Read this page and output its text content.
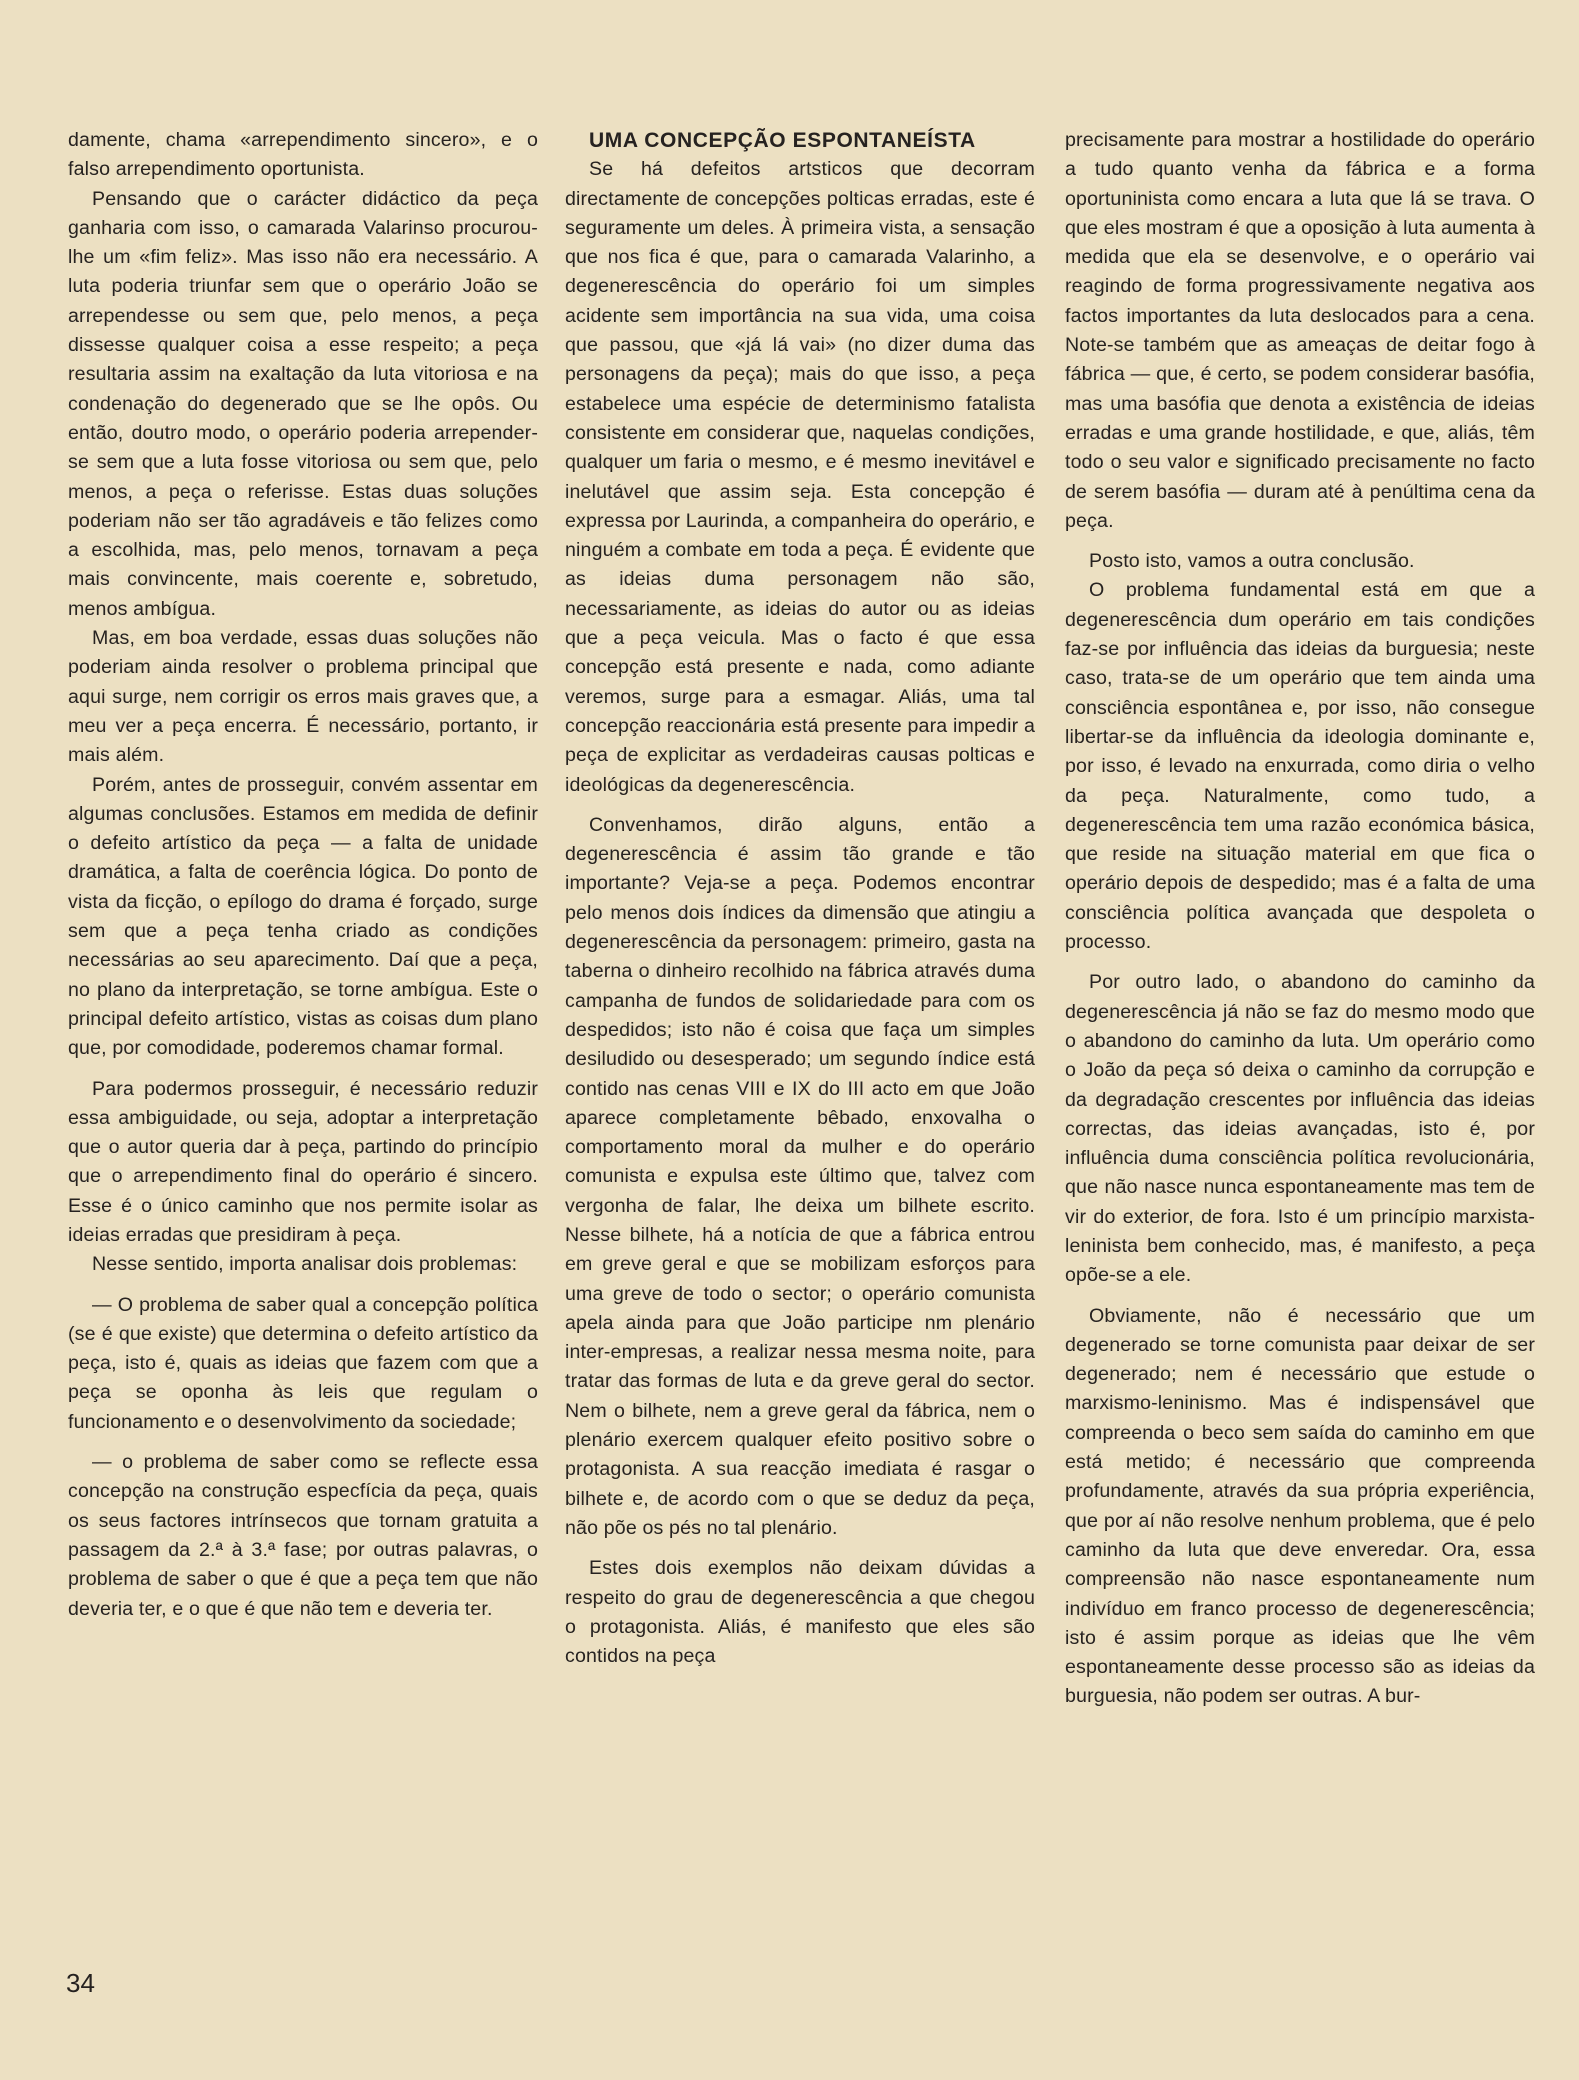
damente, chama «arrependimento sincero», e o falso arrependimento oportunista.

Pensando que o carácter didáctico da peça ganharia com isso, o camarada Valarinso procurou-lhe um «fim feliz». Mas isso não era necessário. A luta poderia triunfar sem que o operário João se arrependesse ou sem que, pelo menos, a peça dissesse qualquer coisa a esse respeito; a peça resultaria assim na exaltação da luta vitoriosa e na condenação do degenerado que se lhe opôs. Ou então, doutro modo, o operário poderia arrepender-se sem que a luta fosse vitoriosa ou sem que, pelo menos, a peça o referisse. Estas duas soluções poderiam não ser tão agradáveis e tão felizes como a escolhida, mas, pelo menos, tornavam a peça mais convincente, mais coerente e, sobretudo, menos ambígua.

Mas, em boa verdade, essas duas soluções não poderiam ainda resolver o problema principal que aqui surge, nem corrigir os erros mais graves que, a meu ver a peça encerra. É necessário, portanto, ir mais além.

Porém, antes de prosseguir, convém assentar em algumas conclusões. Estamos em medida de definir o defeito artístico da peça — a falta de unidade dramática, a falta de coerência lógica. Do ponto de vista da ficção, o epílogo do drama é forçado, surge sem que a peça tenha criado as condições necessárias ao seu aparecimento. Daí que a peça, no plano da interpretação, se torne ambígua. Este o principal defeito artístico, vistas as coisas dum plano que, por comodidade, poderemos chamar formal.

Para podermos prosseguir, é necessário reduzir essa ambiguidade, ou seja, adoptar a interpretação que o autor queria dar à peça, partindo do princípio que o arrependimento final do operário é sincero. Esse é o único caminho que nos permite isolar as ideias erradas que presidiram à peça.

Nesse sentido, importa analisar dois problemas:

— O problema de saber qual a concepção política (se é que existe) que determina o defeito artístico da peça, isto é, quais as ideias que fazem com que a peça se oponha às leis que regulam o funcionamento e o desenvolvimento da sociedade;

— o problema de saber como se reflecte essa concepção na construção especfícia da peça, quais os seus factores intrínsecos que tornam gratuita a passagem da 2.ª à 3.ª fase; por outras palavras, o problema de saber o que é que a peça tem que não deveria ter, e o que é que não tem e deveria ter.

UMA CONCEPÇÃO ESPONTANEÍSTA

Se há defeitos artsticos que decorram directamente de concepções polticas erradas, este é seguramente um deles. À primeira vista, a sensação que nos fica é que, para o camarada Valarinho, a degenerescência do operário foi um simples acidente sem importância na sua vida, uma coisa que passou, que «já lá vai» (no dizer duma das personagens da peça); mais do que isso, a peça estabelece uma espécie de determinismo fatalista consistente em considerar que, naquelas condições, qualquer um faria o mesmo, e é mesmo inevitável e inelutável que assim seja. Esta concepção é expressa por Laurinda, a companheira do operário, e ninguém a combate em toda a peça. É evidente que as ideias duma personagem não são, necessariamente, as ideias do autor ou as ideias que a peça veicula. Mas o facto é que essa concepção está presente e nada, como adiante veremos, surge para a esmagar. Aliás, uma tal concepção reaccionária está presente para impedir a peça de explicitar as verdadeiras causas polticas e ideológicas da degenerescência.

Convenhamos, dirão alguns, então a degenerescência é assim tão grande e tão importante? Veja-se a peça. Podemos encontrar pelo menos dois índices da dimensão que atingiu a degenerescência da personagem: primeiro, gasta na taberna o dinheiro recolhido na fábrica através duma campanha de fundos de solidariedade para com os despedidos; isto não é coisa que faça um simples desiludido ou desesperado; um segundo índice está contido nas cenas VIII e IX do III acto em que João aparece completamente bêbado, enxovalha o comportamento moral da mulher e do operário comunista e expulsa este último que, talvez com vergonha de falar, lhe deixa um bilhete escrito. Nesse bilhete, há a notícia de que a fábrica entrou em greve geral e que se mobilizam esforços para uma greve de todo o sector; o operário comunista apela ainda para que João participe nm plenário inter-empresas, a realizar nessa mesma noite, para tratar das formas de luta e da greve geral do sector. Nem o bilhete, nem a greve geral da fábrica, nem o plenário exercem qualquer efeito positivo sobre o protagonista. A sua reacção imediata é rasgar o bilhete e, de acordo com o que se deduz da peça, não põe os pés no tal plenário.

Estes dois exemplos não deixam dúvidas a respeito do grau de degenerescência a que chegou o protagonista. Aliás, é manifesto que eles são contidos na peça

precisamente para mostrar a hostilidade do operário a tudo quanto venha da fábrica e a forma oportuninista como encara a luta que lá se trava. O que eles mostram é que a oposição à luta aumenta à medida que ela se desenvolve, e o operário vai reagindo de forma progressivamente negativa aos factos importantes da luta deslocados para a cena. Note-se também que as ameaças de deitar fogo à fábrica — que, é certo, se podem considerar basófia, mas uma basófia que denota a existência de ideias erradas e uma grande hostilidade, e que, aliás, têm todo o seu valor e significado precisamente no facto de serem basófia — duram até à penúltima cena da peça.

Posto isto, vamos a outra conclusão.

O problema fundamental está em que a degenerescência dum operário em tais condições faz-se por influência das ideias da burguesia; neste caso, trata-se de um operário que tem ainda uma consciência espontânea e, por isso, não consegue libertar-se da influência da ideologia dominante e, por isso, é levado na enxurrada, como diria o velho da peça. Naturalmente, como tudo, a degenerescência tem uma razão económica básica, que reside na situação material em que fica o operário depois de despedido; mas é a falta de uma consciência política avançada que despoleta o processo.

Por outro lado, o abandono do caminho da degenerescência já não se faz do mesmo modo que o abandono do caminho da luta. Um operário como o João da peça só deixa o caminho da corrupção e da degradação crescentes por influência das ideias correctas, das ideias avançadas, isto é, por influência duma consciência política revolucionária, que não nasce nunca espontaneamente mas tem de vir do exterior, de fora. Isto é um princípio marxista-leninista bem conhecido, mas, é manifesto, a peça opõe-se a ele.

Obviamente, não é necessário que um degenerado se torne comunista paar deixar de ser degenerado; nem é necessário que estude o marxismo-leninismo. Mas é indispensável que compreenda o beco sem saída do caminho em que está metido; é necessário que compreenda profundamente, através da sua própria experiência, que por aí não resolve nenhum problema, que é pelo caminho da luta que deve enveredar. Ora, essa compreensão não nasce espontaneamente num indivíduo em franco processo de degenerescência; isto é assim porque as ideias que lhe vêm espontaneamente desse processo são as ideias da burguesia, não podem ser outras. A bur-

34
